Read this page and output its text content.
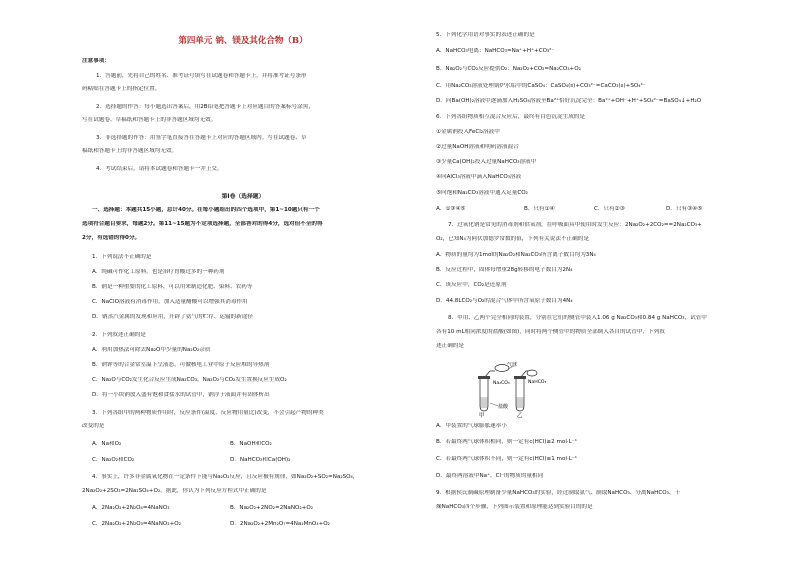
第四单元 钠、镁及其化合物（B）
注意事项：
1．答题前，先将自己的姓名、准考证号填写在试题卷和答题卡上，并将准考证号条形
码粘贴在答题卡上的指定位置。
2．选择题的作答：每小题选出答案后，用2B铅笔把答题卡上对应题目的答案标号涂黑，
写在试题卷、草稿纸和答题卡上的非答题区域均无效。
3．非选择题的作答：用签字笔直接答在答题卡上对应的答题区域内。写在试题卷、草
稿纸和答题卡上的非答题区域均无效。
4．考试结束后，请将本试题卷和答题卡一并上交。
第Ⅰ卷（选择题）
一、选择题：本题共15小题，总计40分。在每小题给出的四个选项中，第1~10题只有一个
选项符合题目要求，每题2分。第11~15题为不定项选择题，全部答对的得4分，选对但不全的得
2分，有选错的得0分。
1．下列说法不正确的是
A．纯碱可作化工原料，也是治疗胃酸过多的一种药剂
B．钠是一种重要的化工原料，可以用来制造化肥、染料、农药等
C．NaClO溶液有消毒作用，加入适量醋酸可以增强其消毒作用
D．钠蒸汽金属的发现和应用，开辟了氨气的贮存、运输的新途径
2．下列叙述正确的是
A．利用加热法可除去Na₂O中少量的Na₂O₂杂质
B．钠钾等的合金常室温下呈液态，可做核电工业中原子反应堆的导热剂
C．Na₂O与CO₂发生化合反应生成Na₂CO₃，Na₂O₂与CO₂发生置换反应生成O₂
D．将一小块钠放入盛有饱和食盐水的试管中，钠浮于液面并有固体析出
3．下列各组中的两种物质作用时，反应条件(温度、反应物用量比)改变，不会引起产物的种类
改变的是
A．Na和O₂	B．NaOH和CO₂
C．Na₂O₂和CO₂	D．NaHCO₃和Ca(OH)₂
4．事实上，许多非金属氧化物在一定条件下能与Na₂O₂反应，且反应极有规律，如Na₂O₂+SO₂=Na₂SO₄，
2Na₂O₂+2SO₃=2Na₂SO₄+O₂。据此，你认为下列反应方程式中正确的是
A．2Na₂O₂+2N₂O₄=4NaNO₃	B．Na₂O₂+2NO₂=2NaNO₂+O₂
C．2Na₂O₂+2N₂O₃=4NaNO₂+O₂	D．2Na₂O₂+2Mn₂O₇=4Na₂MnO₄+O₂
5．下列化学用语对事实的表述正确的是
A．NaHCO₃电离：NaHCO₃=Na⁺+H⁺+CO₃²⁻
B．Na₂O₂与CO₂反应提供O₂：Na₂O₂+CO₂=Na₂CO₃+O₂
C．用Na₂CO₃溶液处理锅炉水垢中的CaSO₄：CaSO₄(s)+CO₃²⁻=CaCO₃(s)+SO₄²⁻
D．向Ba(OH)₂溶液中逐滴加入H₂SO₄溶液至Ba²⁺恰好沉淀完全：Ba²⁺+OH⁻+H⁺+SO₄²⁻=BaSO₄↓+H₂O
6．下列各组物质相互混合反应后，最终有白色沉淀生成的是
①金属钠投入FeCl₂溶液中
②过量NaOH溶液和明矾溶液混合
③少量Ca(OH)₂投入过量NaHCO₃溶液中
④向AlCl₃溶液中滴入NaHCO₃溶液
⑤向饱和Na₂CO₃溶液中通入足量CO₂
A．①③④⑤	B．只有①④	C．只有②③	D．只有③④⑤
7．过氧化钠是常见的消毒剂和供氧剂，在呼吸面具中使用时发生反应：2Na₂O₂+2CO₂==2Na₂CO₃+
O₂，已知N₄为阿伏加德罗常数的值，下列有关说法不正确的是
A．物质的量均为1mol的Na₂O₂和Na₂CO₃所含离子数目均为3N₄
B．反应过程中，固体每增重28g转移的电子数目为2N₄
C．该反应中，CO₂是还原剂
D．44.8LCO₂与O₂的混合气体中所含氧原子数目为4N₄
8．甲用、乙两个完全相同的装置，分别在它们的侧管中装入1.06 g Na₂CO₃和0.84 g NaHCO₃，试管中
各有10 mL相同浓度的盐酸(如图)，同时将两个侧管中的物质全部倒入各自的试管中，下列叙
述正确的是
气球
Na₂CO₃	NaHCO₃
盐酸
甲	乙
A．甲装置的气球膨胀速率小
B．若最终两气球体积相同，则一定有c(HCl)≥2 mol·L⁻¹
C．若最终两气球体积不同，则一定有c(HCl)≤1 mol·L⁻¹
D．最终两溶液中Na⁺、Cl⁻的物质的量相同
9．根据侯氏制碱原理制备少量NaHCO₃的实验，经过制取氨气、制取NaHCO₃、分离NaHCO₃、干
燥NaHCO₃四个步骤，下列图示装置和原理能达到实验目的的是
